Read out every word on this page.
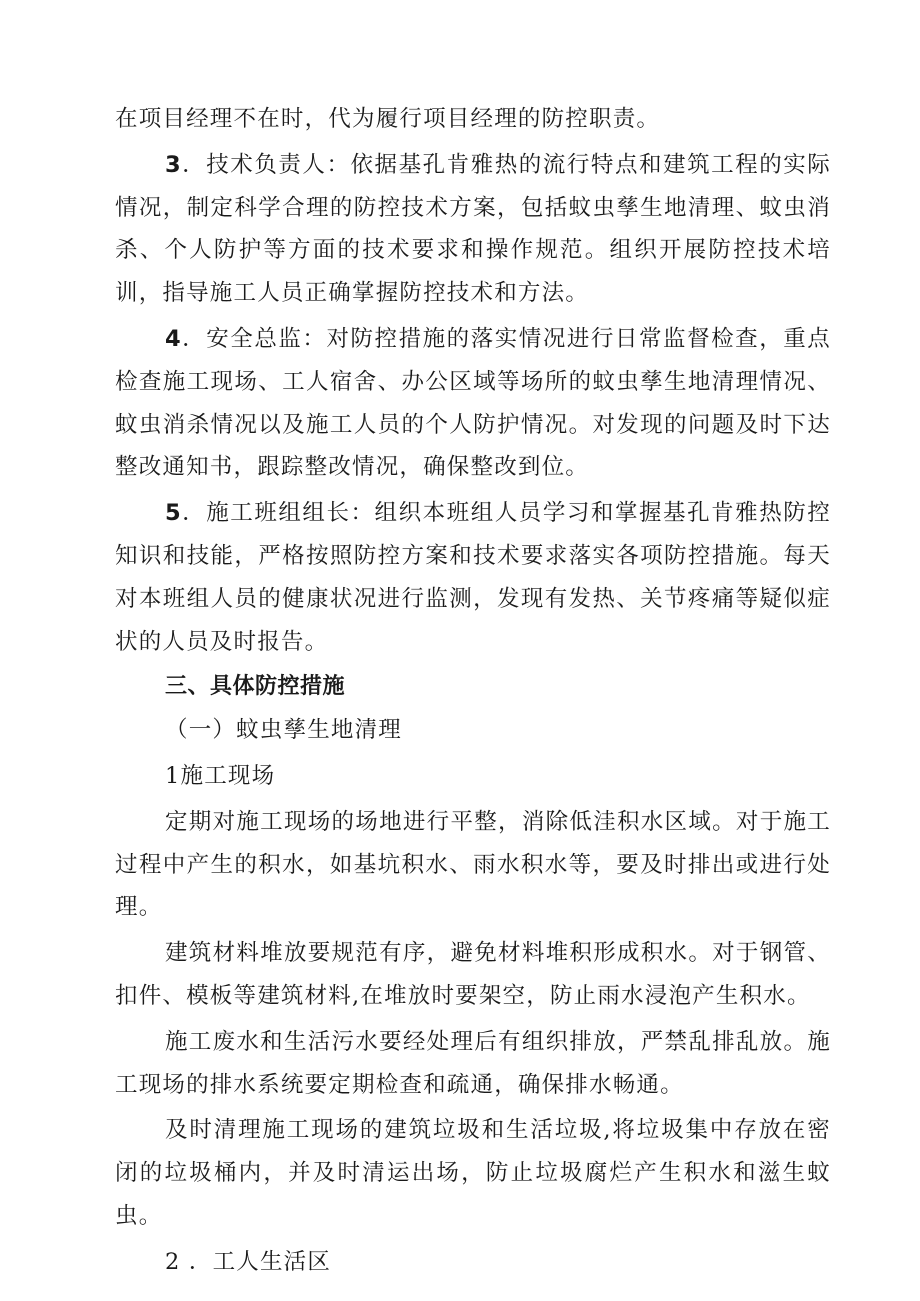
在项目经理不在时，代为履行项目经理的防控职责。

3．技术负责人：依据基孔肯雅热的流行特点和建筑工程的实际情况，制定科学合理的防控技术方案，包括蚊虫孳生地清理、蚊虫消杀、个人防护等方面的技术要求和操作规范。组织开展防控技术培训，指导施工人员正确掌握防控技术和方法。

4．安全总监：对防控措施的落实情况进行日常监督检查，重点检查施工现场、工人宿舍、办公区域等场所的蚊虫孳生地清理情况、蚊虫消杀情况以及施工人员的个人防护情况。对发现的问题及时下达整改通知书，跟踪整改情况，确保整改到位。

5．施工班组组长：组织本班组人员学习和掌握基孔肯雅热防控知识和技能，严格按照防控方案和技术要求落实各项防控措施。每天对本班组人员的健康状况进行监测，发现有发热、关节疼痛等疑似症状的人员及时报告。

三、具体防控措施

（一）蚊虫孳生地清理

1施工现场

定期对施工现场的场地进行平整，消除低洼积水区域。对于施工过程中产生的积水，如基坑积水、雨水积水等，要及时排出或进行处理。

建筑材料堆放要规范有序，避免材料堆积形成积水。对于钢管、扣件、模板等建筑材料,在堆放时要架空，防止雨水浸泡产生积水。

施工废水和生活污水要经处理后有组织排放，严禁乱排乱放。施工现场的排水系统要定期检查和疏通，确保排水畅通。

及时清理施工现场的建筑垃圾和生活垃圾,将垃圾集中存放在密闭的垃圾桶内，并及时清运出场，防止垃圾腐烂产生积水和滋生蚊虫。

2 ．工人生活区
